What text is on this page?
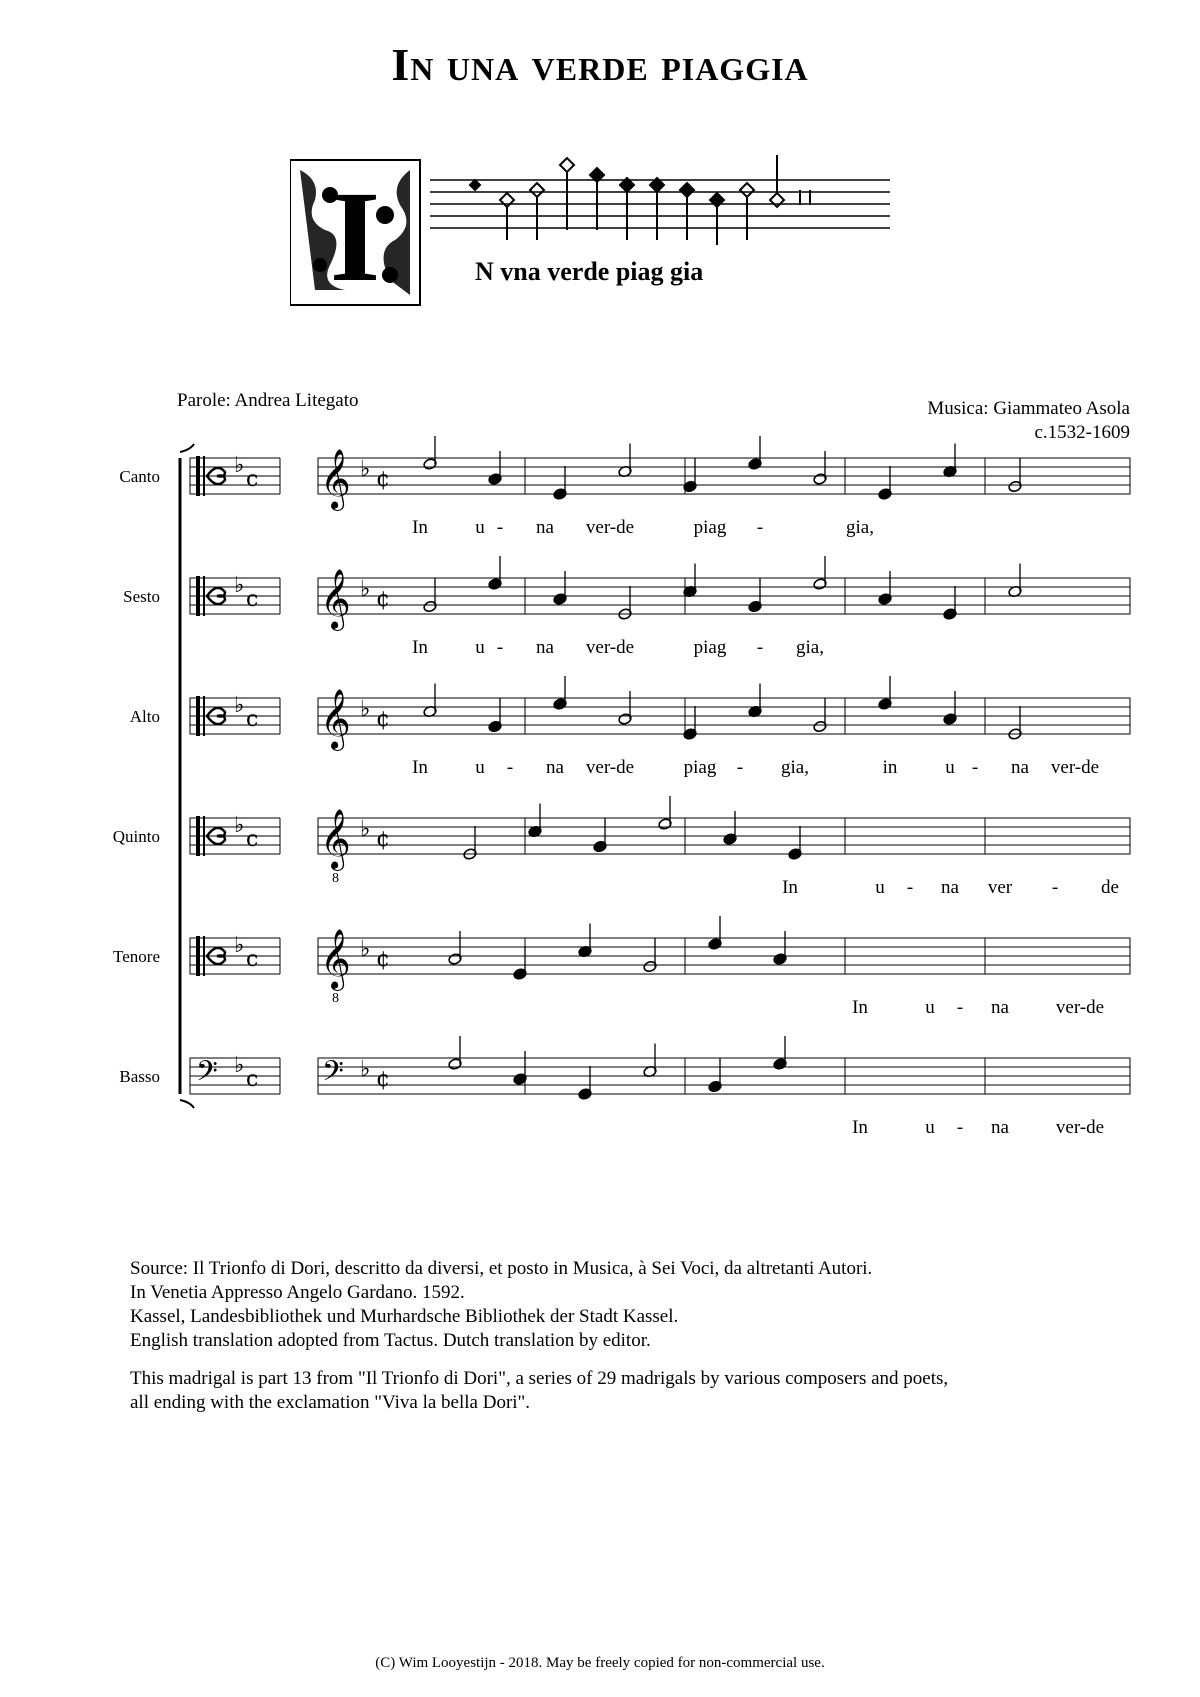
In una verde piaggia
I	N vna verde piag gia
Parole: Andrea Litegato	Musica: Giammateo Asola
c.1532-1609
Canto	♭
c 𝄞 ♭ ¢
In u - na ver-de	piag -	gia,
Sesto	♭
c 𝄞 ♭ ¢
In u - na ver-de	piag - gia,
Alto	♭
c 𝄞 ♭ ¢
In u - na ver-de	piag - gia,	in	u - na ver-de
Quinto	♭
c 𝄞
8
♭ ¢
In	u - na ver - de
Tenore	♭
c 𝄞
8
♭ ¢
In	u - na ver-de
Basso 𝄢 ♭
c 𝄢 ♭ ¢
In	u - na ver-de

Source: Il Trionfo di Dori, descritto da diversi, et posto in Musica, à Sei Voci, da altretanti Autori.

In Venetia Appresso Angelo Gardano. 1592.

Kassel, Landesbibliothek und Murhardsche Bibliothek der Stadt Kassel.

English translation adopted from Tactus. Dutch translation by editor.

This madrigal is part 13 from "Il Trionfo di Dori", a series of 29 madrigals by various composers and poets,

all ending with the exclamation "Viva la bella Dori".

(C) Wim Looyestijn - 2018. May be freely copied for non-commercial use.
